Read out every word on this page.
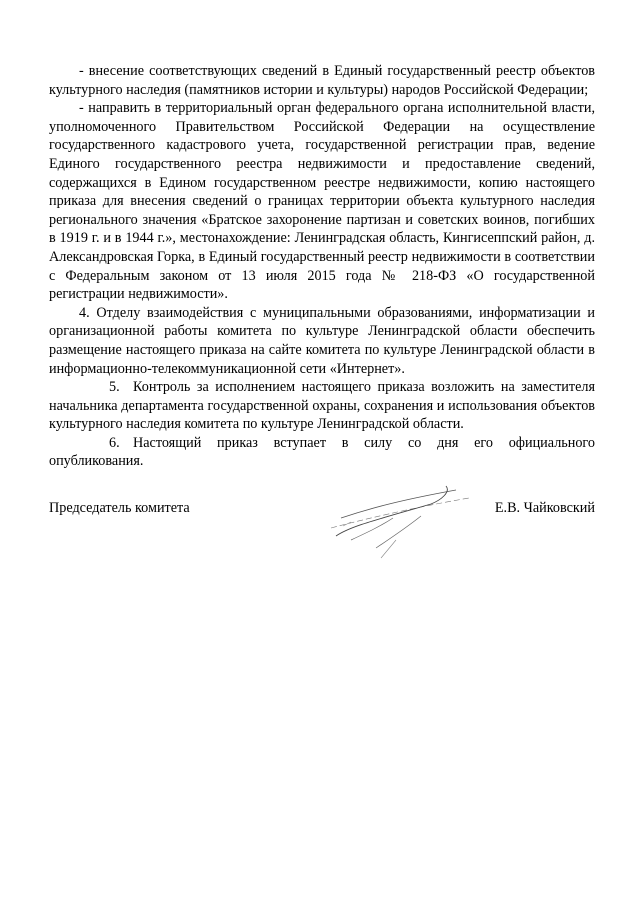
- внесение соответствующих сведений в Единый государственный реестр объектов культурного наследия (памятников истории и культуры) народов Российской Федерации;

- направить в территориальный орган федерального органа исполнительной власти, уполномоченного Правительством Российской Федерации на осуществление государственного кадастрового учета, государственной регистрации прав, ведение Единого государственного реестра недвижимости и предоставление сведений, содержащихся в Едином государственном реестре недвижимости, копию настоящего приказа для внесения сведений о границах территории объекта культурного наследия регионального значения «Братское захоронение партизан и советских воинов, погибших в 1919 г. и в 1944 г.», местонахождение: Ленинградская область, Кингисеппский район, д. Александровская Горка, в Единый государственный реестр недвижимости в соответствии с Федеральным законом от 13 июля 2015 года № 218-ФЗ «О государственной регистрации недвижимости».

4. Отделу взаимодействия с муниципальными образованиями, информатизации и организационной работы комитета по культуре Ленинградской области обеспечить размещение настоящего приказа на сайте комитета по культуре Ленинградской области в информационно-телекоммуникационной сети «Интернет».

5. Контроль за исполнением настоящего приказа возложить на заместителя начальника департамента государственной охраны, сохранения и использования объектов культурного наследия комитета по культуре Ленинградской области.

6. Настоящий приказ вступает в силу со дня его официального опубликования.

Председатель комитета	Е.В. Чайковский
